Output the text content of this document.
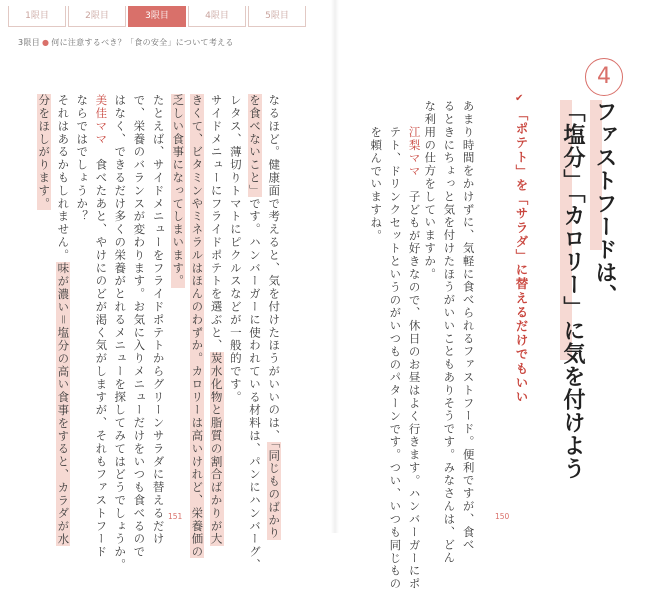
1限目	2限目	3限目	4限目	5限目
3限目 ● 何に注意するべき？「食の安全」について考える
4
ファストフードは、
「塩分」「カロリー」に気を付けよう
✔
「ポテト」を「サラダ」に替えるだけでもいい
あまり時間をかけずに、気軽に食べられるファストフード。便利ですが、食べ
るときにちょっと気を付けたほうがいいこともありそうです。みなさんは、どん
な利用の仕方をしていますか。

江梨ママ　子どもが好きなので、休日のお昼はよく行きます。ハンバーガーにポ
テト、ドリンクセットというのがいつものパターンです。つい、いつも同じもの
を頼んでいますね。
なるほど。健康面で考えると、気を付けたほうがいいのは、「同じものばかり
を食べないこと」です。ハンバーガーに使われている材料は、パンにハンバーグ、
レタス、薄切りトマトにピクルスなどが一般的です。
サイドメニューにフライドポテトを選ぶと、炭水化物と脂質の割合ばかりが大
きくて、ビタミンやミネラルはほんのわずか。カロリーは高いけれど、栄養価の
乏しい食事になってしまいます。
たとえば、サイドメニューをフライドポテトからグリーンサラダに替えるだけ
で、栄養のバランスが変わります。お気に入りメニューだけをいつも食べるので
はなく、できるだけ多くの栄養がとれるメニューを探してみてはどうでしょうか。
美佳ママ　食べたあと、やけにのどが渇く気がしますが、それもファストフード
ならではでしょうか？
それはあるかもしれません。味が濃い＝塩分の高い食事をすると、カラダが水
分をほしがります。
151	150
